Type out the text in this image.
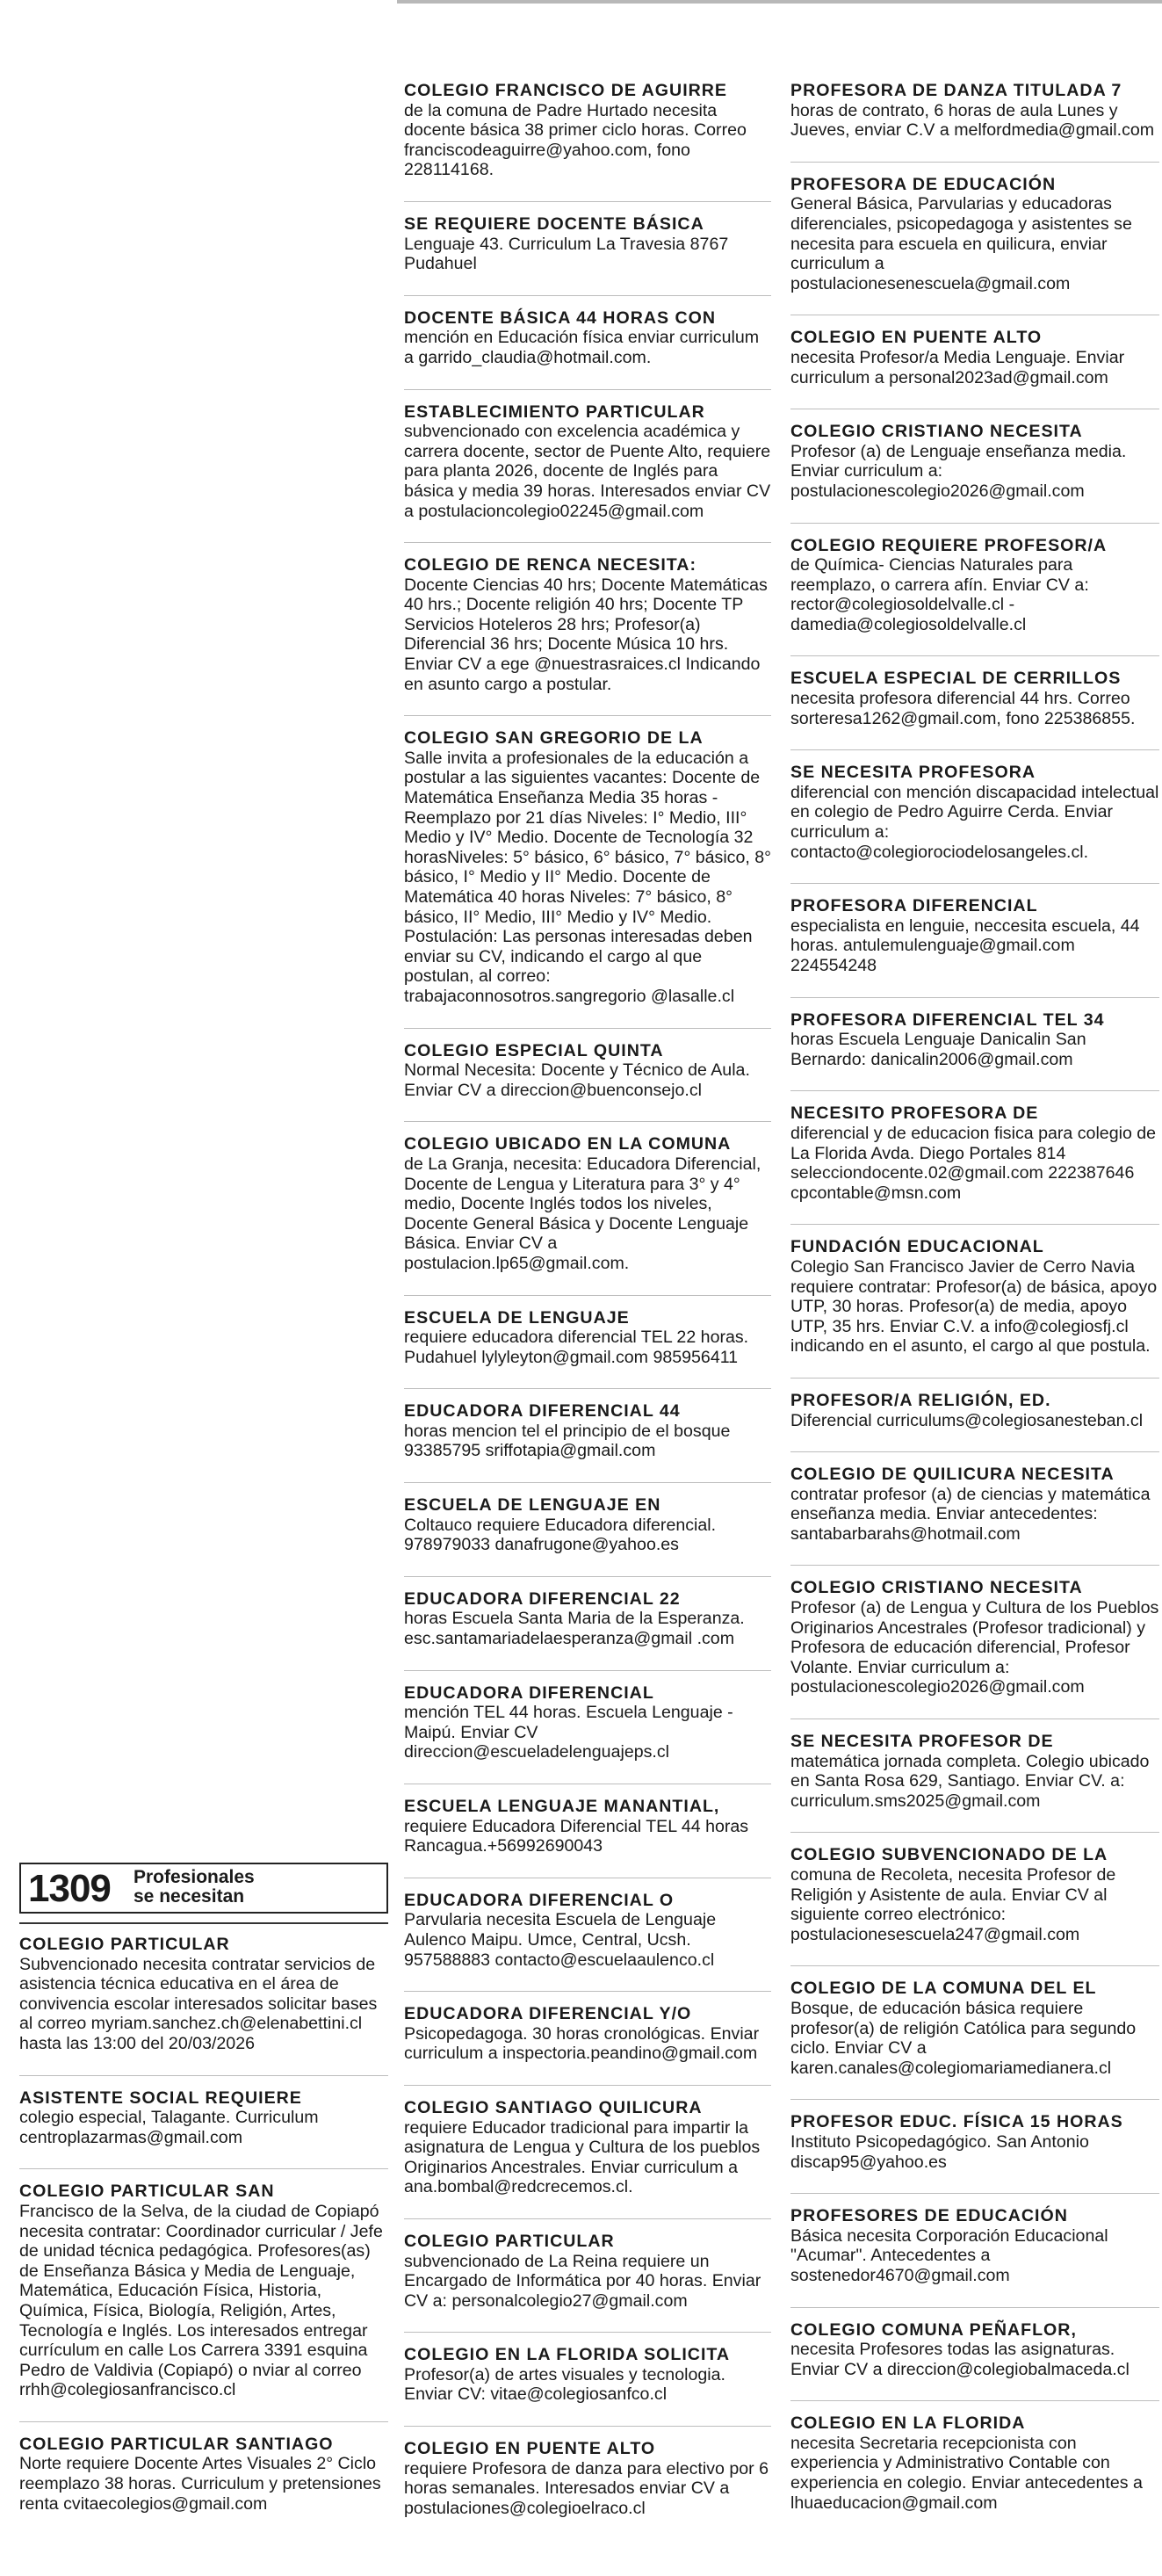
1309 Profesionales
se necesitan
COLEGIO PARTICULAR
Subvencionado necesita contratar servicios de asistencia técnica educativa en el área de convivencia escolar interesados solicitar bases al correo myriam.sanchez.ch@elenabettini.cl hasta las 13:00 del 20/03/2026
ASISTENTE SOCIAL REQUIERE
colegio especial, Talagante. Curriculum centroplazarmas@gmail.com
COLEGIO PARTICULAR SAN
Francisco de la Selva, de la ciudad de Copiapó necesita contratar: Coordinador curricular / Jefe de unidad técnica pedagógica. Profesores(as) de Enseñanza Básica y Media de Lenguaje, Matemática, Educación Física, Historia, Química, Física, Biología, Religión, Artes, Tecnología e Inglés. Los interesados entregar currículum en calle Los Carrera 3391 esquina Pedro de Valdivia (Copiapó) o nviar al correo rrhh@colegiosanfrancisco.cl
COLEGIO PARTICULAR SANTIAGO
Norte requiere Docente Artes Visuales 2° Ciclo reemplazo 38 horas. Curriculum y pretensiones renta cvitaecolegios@gmail.com
COLEGIO FRANCISCO DE AGUIRRE
de la comuna de Padre Hurtado necesita docente básica 38 primer ciclo horas. Correo franciscodeaguirre@yahoo.com, fono 228114168.
SE REQUIERE DOCENTE BÁSICA
Lenguaje 43. Curriculum La Travesia 8767 Pudahuel
DOCENTE BÁSICA 44 HORAS CON
mención en Educación física enviar curriculum a garrido_claudia@hotmail.com.
ESTABLECIMIENTO PARTICULAR
subvencionado con excelencia académica y carrera docente, sector de Puente Alto, requiere para planta 2026, docente de Inglés para básica y media 39 horas. Interesados enviar CV a postulacioncolegio02245@gmail.com
COLEGIO DE RENCA NECESITA:
Docente Ciencias 40 hrs; Docente Matemáticas 40 hrs.; Docente religión 40 hrs; Docente TP Servicios Hoteleros 28 hrs; Profesor(a) Diferencial 36 hrs; Docente Música 10 hrs. Enviar CV a ege @nuestrasraices.cl Indicando en asunto cargo a postular.
COLEGIO SAN GREGORIO DE LA
Salle invita a profesionales de la educación a postular a las siguientes vacantes: Docente de Matemática Enseñanza Media 35 horas - Reemplazo por 21 días Niveles: I° Medio, III° Medio y IV° Medio. Docente de Tecnología 32 horasNiveles: 5° básico, 6° básico, 7° básico, 8° básico, I° Medio y II° Medio. Docente de Matemática 40 horas Niveles: 7° básico, 8° básico, II° Medio, III° Medio y IV° Medio. Postulación: Las personas interesadas deben enviar su CV, indicando el cargo al que postulan, al correo: trabajaconnosotros.sangregorio @lasalle.cl
COLEGIO ESPECIAL QUINTA
Normal Necesita: Docente y Técnico de Aula. Enviar CV a direccion@buenconsejo.cl
COLEGIO UBICADO EN LA COMUNA
de La Granja, necesita: Educadora Diferencial, Docente de Lengua y Literatura para 3° y 4° medio, Docente Inglés todos los niveles, Docente General Básica y Docente Lenguaje Básica. Enviar CV a postulacion.lp65@gmail.com.
ESCUELA DE LENGUAJE
requiere educadora diferencial TEL 22 horas. Pudahuel lylyleyton@gmail.com 985956411
EDUCADORA DIFERENCIAL 44
horas mencion tel el principio de el bosque 93385795 sriffotapia@gmail.com
ESCUELA DE LENGUAJE EN
Coltauco requiere Educadora diferencial. 978979033 danafrugone@yahoo.es
EDUCADORA DIFERENCIAL 22
horas Escuela Santa Maria de la Esperanza. esc.santamariadelaesperanza@gmail .com
EDUCADORA DIFERENCIAL
mención TEL 44 horas. Escuela Lenguaje - Maipú. Enviar CV direccion@escueladelenguajeps.cl
ESCUELA LENGUAJE MANANTIAL,
requiere Educadora Diferencial TEL 44 horas Rancagua.+56992690043
EDUCADORA DIFERENCIAL O
Parvularia necesita Escuela de Lenguaje Aulenco Maipu. Umce, Central, Ucsh. 957588883 contacto@escuelaaulenco.cl
EDUCADORA DIFERENCIAL Y/O
Psicopedagoga. 30 horas cronológicas. Enviar curriculum a inspectoria.peandino@gmail.com
COLEGIO SANTIAGO QUILICURA
requiere Educador tradicional para impartir la asignatura de Lengua y Cultura de los pueblos Originarios Ancestrales. Enviar curriculum a ana.bombal@redcrecemos.cl.
COLEGIO PARTICULAR
subvencionado de La Reina requiere un Encargado de Informática por 40 horas. Enviar CV a: personalcolegio27@gmail.com
COLEGIO EN LA FLORIDA SOLICITA
Profesor(a) de artes visuales y tecnologia. Enviar CV: vitae@colegiosanfco.cl
COLEGIO EN PUENTE ALTO
requiere Profesora de danza para electivo por 6 horas semanales. Interesados enviar CV a postulaciones@colegioelraco.cl
PROFESORA DE DANZA TITULADA 7
horas de contrato, 6 horas de aula Lunes y Jueves, enviar C.V a melfordmedia@gmail.com
PROFESORA DE EDUCACIÓN
General Básica, Parvularias y educadoras diferenciales, psicopedagoga y asistentes se necesita para escuela en quilicura, enviar curriculum a postulacionesenescuela@gmail.com
COLEGIO EN PUENTE ALTO
necesita Profesor/a Media Lenguaje. Enviar curriculum a personal2023ad@gmail.com
COLEGIO CRISTIANO NECESITA
Profesor (a) de Lenguaje enseñanza media. Enviar curriculum a: postulacionescolegio2026@gmail.com
COLEGIO REQUIERE PROFESOR/A
de Química- Ciencias Naturales para reemplazo, o carrera afín. Enviar CV a: rector@colegiosoldelvalle.cl - damedia@colegiosoldelvalle.cl
ESCUELA ESPECIAL DE CERRILLOS
necesita profesora diferencial 44 hrs. Correo sorteresa1262@gmail.com, fono 225386855.
SE NECESITA PROFESORA
diferencial con mención discapacidad intelectual en colegio de Pedro Aguirre Cerda. Enviar curriculum a: contacto@colegiorociodelosangeles.cl.
PROFESORA DIFERENCIAL
especialista en lenguie, neccesita escuela, 44 horas. antulemulenguaje@gmail.com 224554248
PROFESORA DIFERENCIAL TEL 34
horas Escuela Lenguaje Danicalin San Bernardo: danicalin2006@gmail.com
NECESITO PROFESORA DE
diferencial y de educacion fisica para colegio de La Florida Avda. Diego Portales 814 selecciondocente.02@gmail.com 222387646 cpcontable@msn.com
FUNDACIÓN EDUCACIONAL
Colegio San Francisco Javier de Cerro Navia requiere contratar: Profesor(a) de básica, apoyo UTP, 30 horas. Profesor(a) de media, apoyo UTP, 35 hrs. Enviar C.V. a info@colegiosfj.cl indicando en el asunto, el cargo al que postula.
PROFESOR/A RELIGIÓN, ED.
Diferencial curriculums@colegiosanesteban.cl
COLEGIO DE QUILICURA NECESITA
contratar profesor (a) de ciencias y matemática enseñanza media. Enviar antecedentes: santabarbarahs@hotmail.com
COLEGIO CRISTIANO NECESITA
Profesor (a) de Lengua y Cultura de los Pueblos Originarios Ancestrales (Profesor tradicional) y Profesora de educación diferencial, Profesor Volante. Enviar curriculum a: postulacionescolegio2026@gmail.com
SE NECESITA PROFESOR DE
matemática jornada completa. Colegio ubicado en Santa Rosa 629, Santiago. Enviar CV. a: curriculum.sms2025@gmail.com
COLEGIO SUBVENCIONADO DE LA
comuna de Recoleta, necesita Profesor de Religión y Asistente de aula. Enviar CV al siguiente correo electrónico: postulacionesescuela247@gmail.com
COLEGIO DE LA COMUNA DEL EL
Bosque, de educación básica requiere profesor(a) de religión Católica para segundo ciclo. Enviar CV a karen.canales@colegiomariamedianera.cl
PROFESOR EDUC. FÍSICA 15 HORAS
Instituto Psicopedagógico. San Antonio discap95@yahoo.es
PROFESORES DE EDUCACIÓN
Básica necesita Corporación Educacional "Acumar". Antecedentes a sostenedor4670@gmail.com
COLEGIO COMUNA PEÑAFLOR,
necesita Profesores todas las asignaturas. Enviar CV a direccion@colegiobalmaceda.cl
COLEGIO EN LA FLORIDA
necesita Secretaria recepcionista con experiencia y Administrativo Contable con experiencia en colegio. Enviar antecedentes a lhuaeducacion@gmail.com
